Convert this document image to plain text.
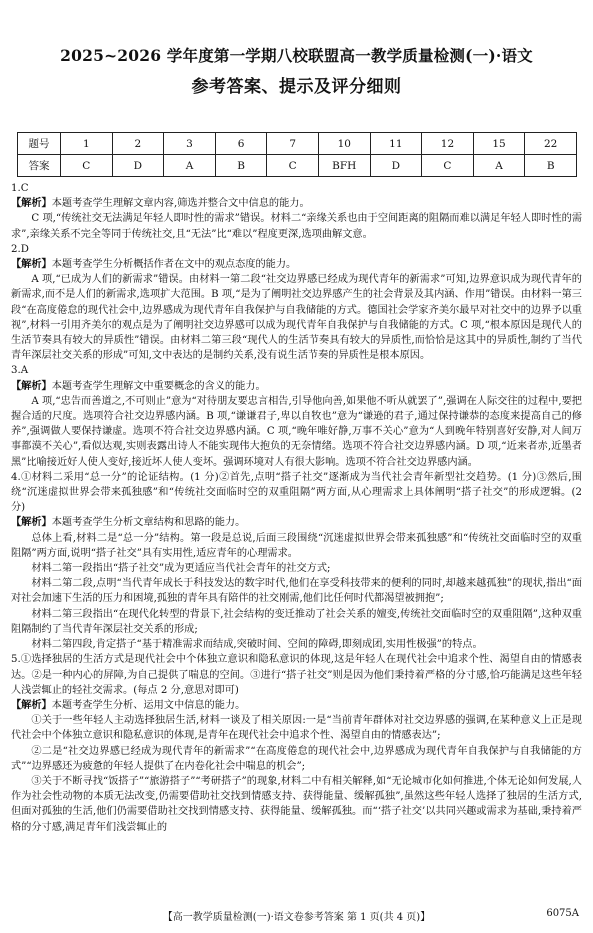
2025~2026 学年度第一学期八校联盟高一教学质量检测(一)·语文
参考答案、提示及评分细则
题号	1	2	3	6	7	10	11	12	15	22
答案	C	D	A	B	C	BFH	D	C	A	B

1.C

【解析】本题考查学生理解文章内容,筛选并整合文中信息的能力。

C 项,“传统社交无法满足年轻人即时性的需求”错误。材料二“亲缘关系也由于空间距离的阻隔而难以满足年轻人即时性的需求”,亲缘关系不完全等同于传统社交,且“无法”比“难以”程度更深,选项曲解文意。

2.D

【解析】本题考查学生分析概括作者在文中的观点态度的能力。

A 项,“已成为人们的新需求”错误。由材料一第二段“社交边界感已经成为现代青年的新需求”可知,边界意识成为现代青年的新需求,而不是人们的新需求,选项扩大范围。B 项,“是为了阐明社交边界感产生的社会背景及其内涵、作用”错误。由材料一第三段“在高度倦怠的现代社会中,边界感成为现代青年自我保护与自我储能的方式。德国社会学家齐美尔最早对社交中的边界予以重视”,材料一引用齐美尔的观点是为了阐明社交边界感可以成为现代青年自我保护与自我储能的方式。C 项,“根本原因是现代人的生活节奏具有较大的异质性”错误。由材料二第三段“现代人的生活节奏具有较大的异质性,而恰恰是这其中的异质性,制约了当代青年深层社交关系的形成”可知,文中表达的是制约关系,没有说生活节奏的异质性是根本原因。

3.A

【解析】本题考查学生理解文中重要概念的含义的能力。

A 项,“忠告而善道之,不可则止”意为“对待朋友要忠言相告,引导他向善,如果他不听从就罢了”,强调在人际交往的过程中,要把握合适的尺度。选项符合社交边界感内涵。B 项,“谦谦君子,卑以自牧也”意为“谦逊的君子,通过保持谦恭的态度来提高自己的修养”,强调做人要保持谦虚。选项不符合社交边界感内涵。C 项,“晚年唯好静,万事不关心”意为“人到晚年特别喜好安静,对人间万事都漠不关心”,看似达观,实则表露出诗人不能实现伟大抱负的无奈情绪。选项不符合社交边界感内涵。D 项,“近来者赤,近墨者黑”比喻接近好人使人变好,接近坏人使人变坏。强调环境对人有很大影响。选项不符合社交边界感内涵。

4.①材料二采用“总一分”的论证结构。(1 分)②首先,点明“搭子社交”逐渐成为当代社会青年新型社交趋势。(1 分)③然后,围绕“沉迷虚拟世界会带来孤独感”和“传统社交面临时空的双重阻隔”两方面,从心理需求上具体阐明“搭子社交”的形成逻辑。(2 分)

【解析】本题考查学生分析文章结构和思路的能力。

总体上看,材料二是“总一分”结构。第一段是总说,后面三段围绕“沉迷虚拟世界会带来孤独感”和“传统社交面临时空的双重阻隔”两方面,说明“搭子社交”具有实用性,适应青年的心理需求。

材料二第一段指出“搭子社交”成为更适应当代社会青年的社交方式;

材料二第二段,点明“当代青年成长于科技发达的数字时代,他们在享受科技带来的便利的同时,却越来越孤独”的现状,指出“面对社会加速下生活的压力和困境,孤独的青年具有陪伴的社交刚需,他们比任何时代都渴望被拥抱”;

材料二第三段指出“在现代化转型的背景下,社会结构的变迁推动了社会关系的嬗变,传统社交面临时空的双重阻隔”,这种双重阻隔制约了当代青年深层社交关系的形成;

材料二第四段,肯定搭子“基于精准需求而结成,突破时间、空间的障碍,即刻成团,实用性极强”的特点。

5.①选择独居的生活方式是现代社会中个体独立意识和隐私意识的体现,这是年轻人在现代社会中追求个性、渴望自由的情感表达。②是一种内心的屏障,为自己提供了喘息的空间。③进行“搭子社交”则是因为他们秉持着严格的分寸感,恰巧能满足这些年轻人浅尝辄止的轻社交需求。(每点 2 分,意思对即可)

【解析】本题考查学生分析、运用文中信息的能力。

①关于一些年轻人主动选择独居生活,材料一谈及了相关原因:一是“当前青年群体对社交边界感的强调,在某种意义上正是现代社会中个体独立意识和隐私意识的体现,是青年在现代社会中追求个性、渴望自由的情感表达”;

②二是“社交边界感已经成为现代青年的新需求”“在高度倦怠的现代社会中,边界感成为现代青年自我保护与自我储能的方式”“边界感还为疲惫的年轻人提供了在内卷化社会中喘息的机会”;

③关于不断寻找“饭搭子”“旅游搭子”“考研搭子”的现象,材料二中有相关解释,如“无论城市化如何推进,个体无论如何发展,人作为社会性动物的本质无法改变,仍需要借助社交找到情感支持、获得能量、缓解孤独”,虽然这些年轻人选择了独居的生活方式,但面对孤独的生活,他们仍需要借助社交找到情感支持、获得能量、缓解孤独。而“‘搭子社交’以共同兴趣或需求为基础,秉持着严格的分寸感,满足青年们浅尝辄止的

【高一教学质量检测(一)·语文卷参考答案 第 1 页(共 4 页)】	6075A
